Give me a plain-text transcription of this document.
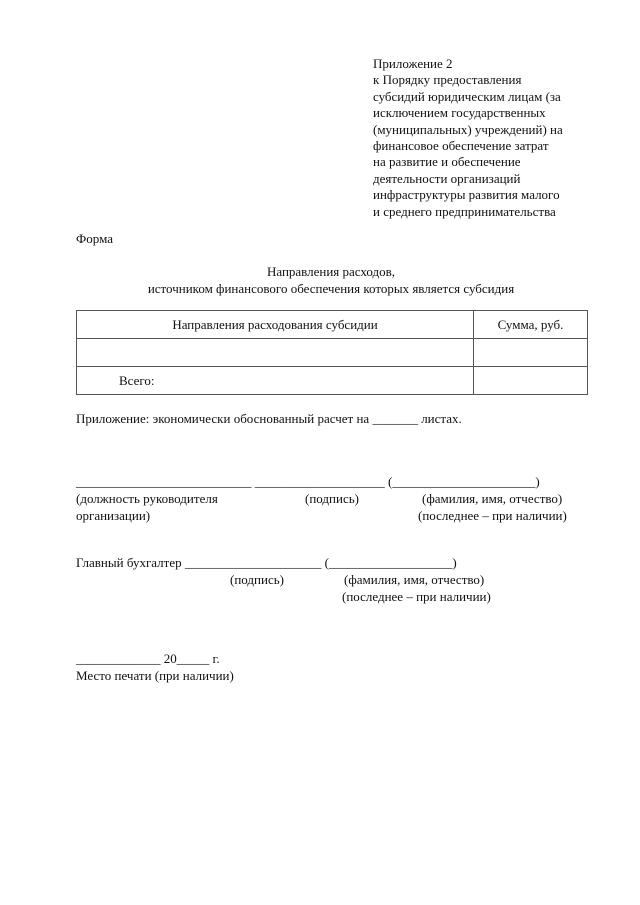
Приложение 2
к Порядку предоставления
субсидий юридическим лицам (за
исключением государственных
(муниципальных) учреждений) на
финансовое обеспечение затрат
на развитие и обеспечение
деятельности организаций
инфраструктуры развития малого
и среднего предпринимательства
Форма
Направления расходов,
источником финансового обеспечения которых является субсидия
Направления расходования субсидии	Сумма, руб.

Всего:	
Приложение: экономически обоснованный расчет на _______ листах.
___________________________ ____________________ (______________________)
(должность руководителя
организации)
(подпись)	(фамилия, имя, отчество)
(последнее – при наличии)
Главный бухгалтер _____________________ (___________________)
(подпись)	(фамилия, имя, отчество)
(последнее – при наличии)
_____________ 20_____ г.
Место печати (при наличии)
